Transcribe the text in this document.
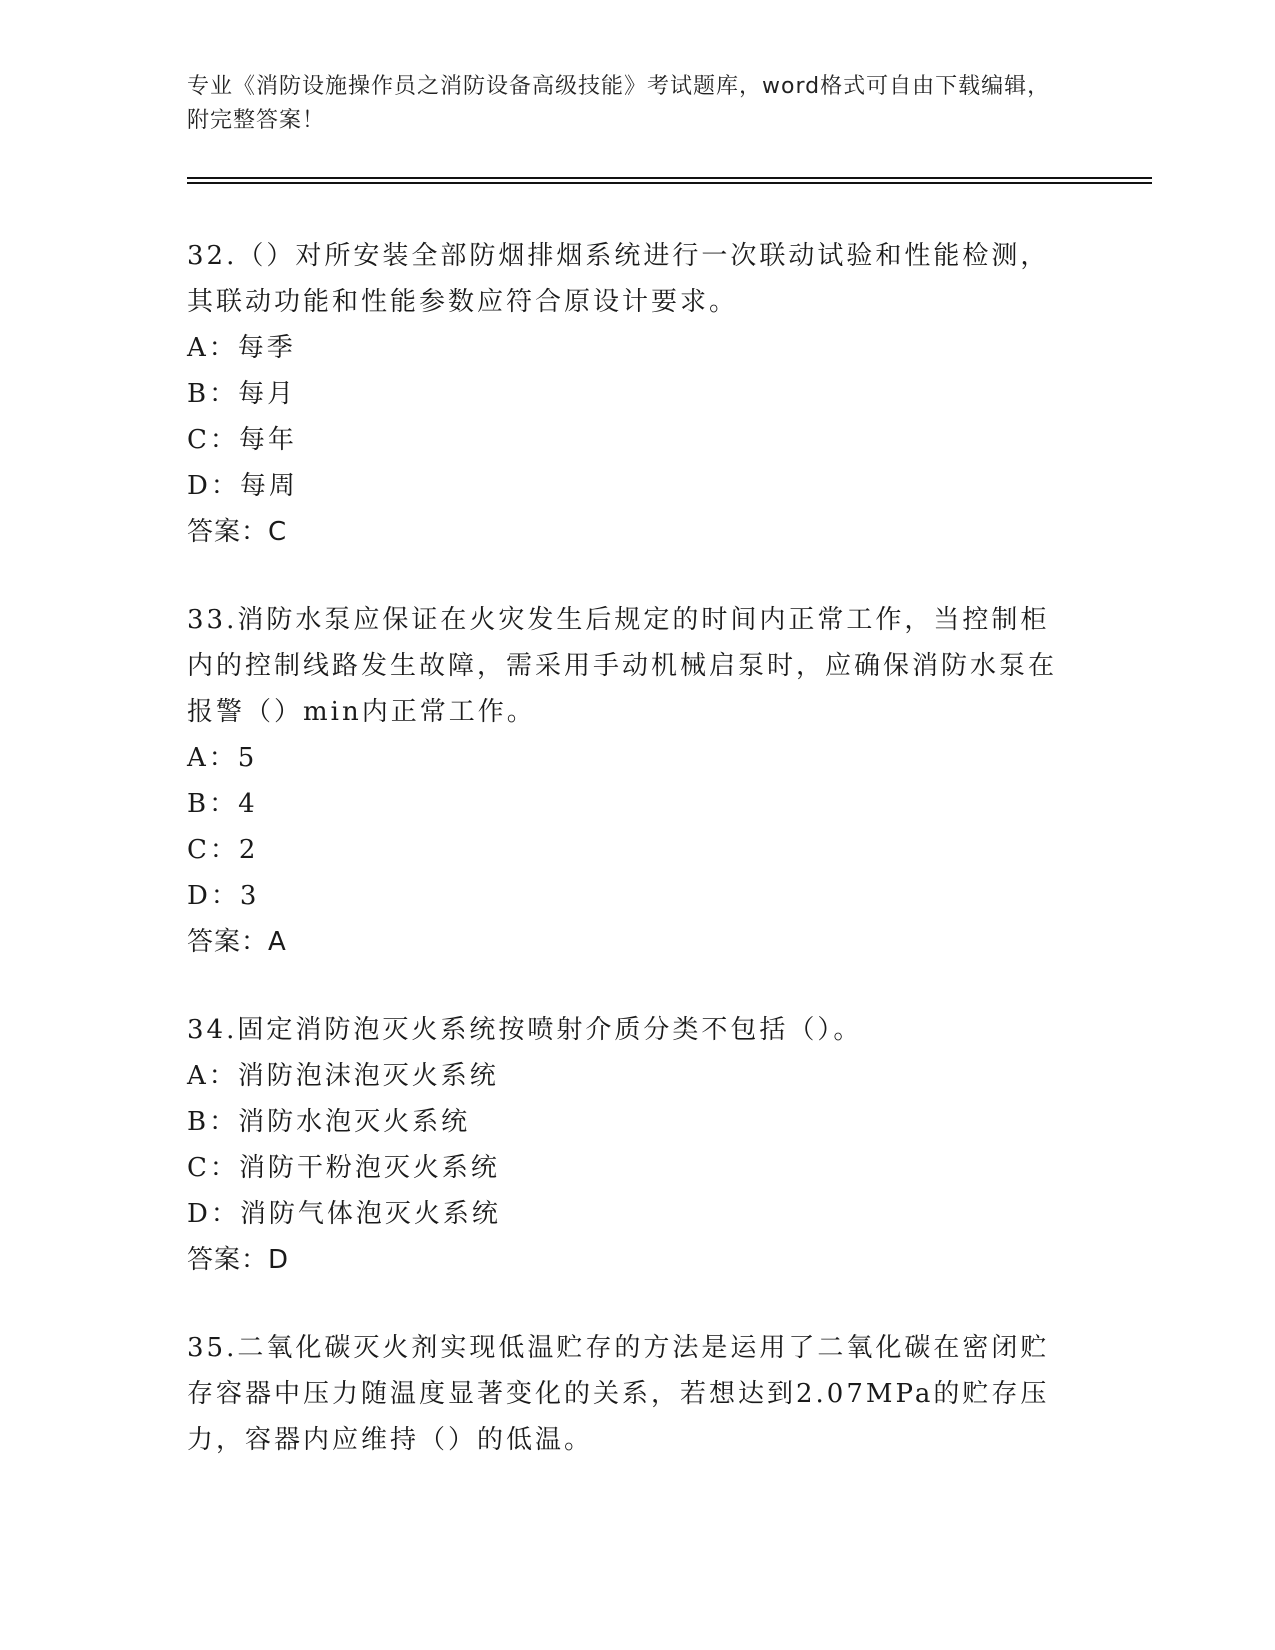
专业《消防设施操作员之消防设备高级技能》考试题库，word格式可自由下载编辑，附完整答案！
32.（）对所安装全部防烟排烟系统进行一次联动试验和性能检测，其联动功能和性能参数应符合原设计要求。
A：每季
B：每月
C：每年
D：每周
答案：C
33.消防水泵应保证在火灾发生后规定的时间内正常工作，当控制柜内的控制线路发生故障，需采用手动机械启泵时，应确保消防水泵在报警（）min内正常工作。
A：5
B：4
C：2
D：3
答案：A
34.固定消防泡灭火系统按喷射介质分类不包括（）。
A：消防泡沫泡灭火系统
B：消防水泡灭火系统
C：消防干粉泡灭火系统
D：消防气体泡灭火系统
答案：D
35.二氧化碳灭火剂实现低温贮存的方法是运用了二氧化碳在密闭贮存容器中压力随温度显著变化的关系，若想达到2.07MPa的贮存压力，容器内应维持（）的低温。
